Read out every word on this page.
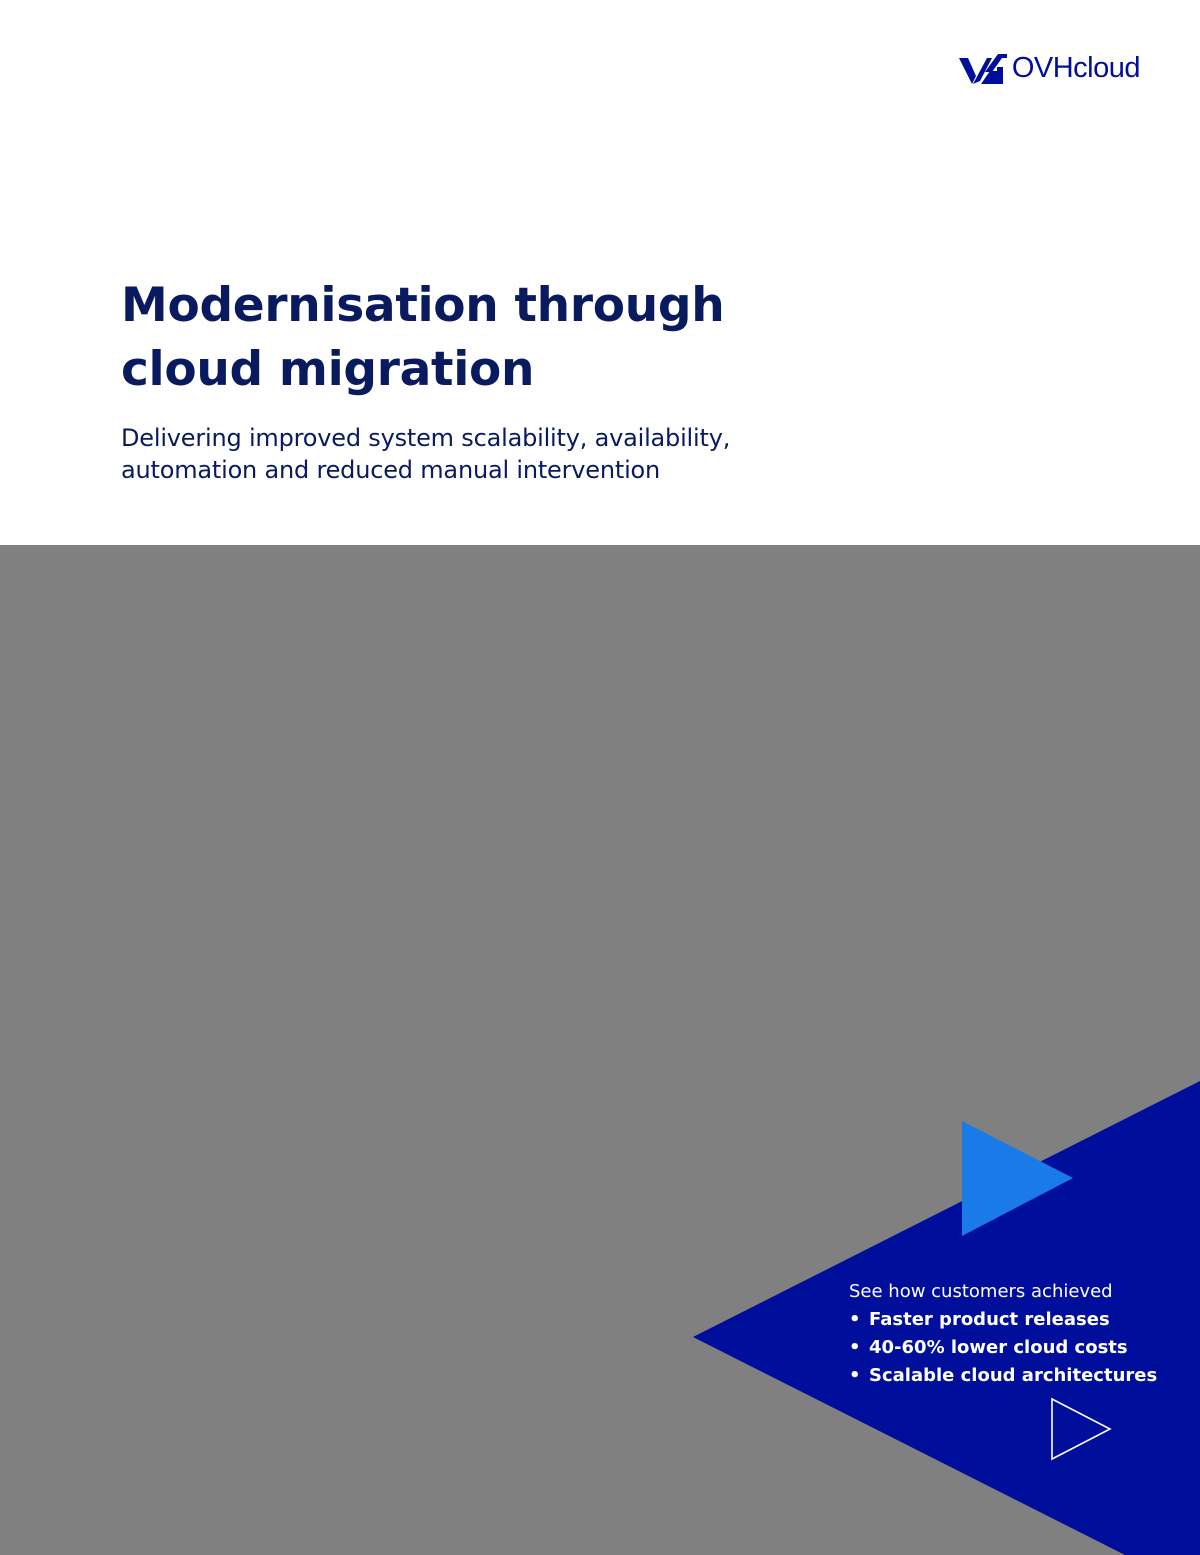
OVHcloud
Modernisation through
cloud migration

Delivering improved system scalability, availability,
automation and reduced manual intervention

See how customers achieved

• Faster product releases
• 40-60% lower cloud costs
• Scalable cloud architectures
